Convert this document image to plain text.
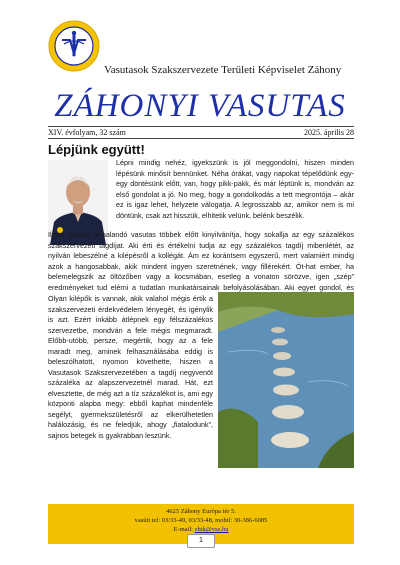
Vasutasok Szakszervezete Területi Képviselet Záhony
ZÁHONYI VASUTAS
XIV. évfolyam, 32 szám	2025. április 28
Lépjünk együtt!
Lépni mindig nehéz, igyekszünk is jól meggondolni, hiszen minden lépésünk minősít bennünket. Néha órákat, vagy napokat tépelődünk egy-egy döntésünk előtt, van, hogy pikk-pakk, és már léptünk is, mondván az első gondolat a jó. No meg, hogy a gondolkodás a tett megrontója – akár ez is igaz lehet, helyzete válogatja. A legrosszabb az, amikor nem is mi döntünk, csak azt hisszük, elhitetik velünk, belénk beszélik.
Ilyen, amikor a halandó vasutas többek előtt kinyilvánítja, hogy sokallja az egy százalékos szakszervezeti tagdíjat. Aki érti és értékelni tudja az egy százalékos tagdíj mibenlétét, az nyilván lebeszélné a kilépésről a kollégát. Ám ez korántsem egyszerű, mert valamiért mindig azok a hangosabbak, akik mindent ingyen szeretnének, vagy fillérekért. Öt-hat ember, ha belemelegszik az öltözőben vagy a kocsmában, esetleg a vonaton sörözve, igen „szép” eredményeket tud elérni a tudatlan munkatársainak befolyásolásában. Aki egyet gondol, és
Olyan kilépők is vannak, akik valahol mégis értik a szakszervezeti érdekvédelem lényegét, és igénylik is azt. Ezért inkább átlépnek egy félszázalékos szervezetbe, mondván a fele mégis megmaradt. Előbb-utóbb, persze, megértik, hogy az a fele maradt meg, aminek felhasználásába eddig is beleszólhatott, nyomon követhette, hiszen a Vasutasok Szakszervezetében a tagdíj negyvenöt százaléka az alapszervezetnél marad. Hát, ezt elvesztette, de még azt a tíz százalékot is, ami egy központi alapba megy: ebből kaphat mindenféle segélyt, gyermekszületésről az elkerülhetetlen halálozásig, és ne feledjük, ahogy „fiatalodunk”, sajnos betegek is gyakrabban leszünk.
4625 Záhony Európa tér 5.
vasúti tel: 03/33-49, 03/33-48, mobil: 30-386-6085
E-mail: zhtk@vsz.hu
1
